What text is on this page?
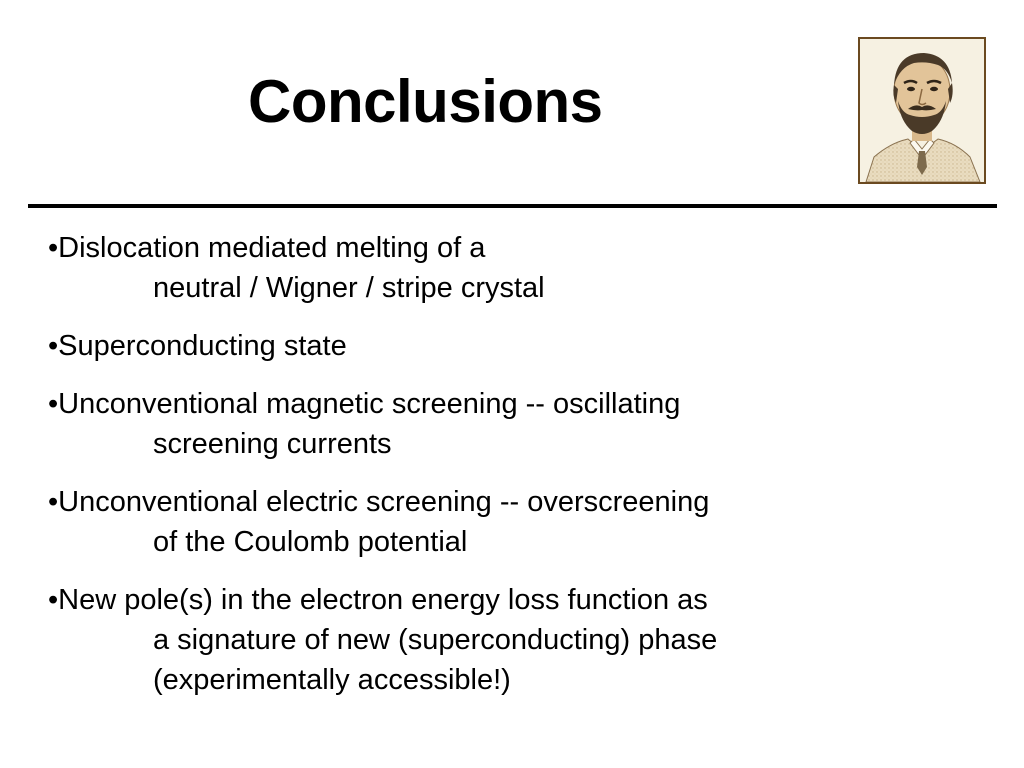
Conclusions
•Dislocation mediated melting of a
neutral / Wigner / stripe crystal
•Superconducting state
•Unconventional magnetic screening -- oscillating
screening currents
•Unconventional electric screening -- overscreening
of the Coulomb potential
•New pole(s) in the electron energy loss function as
a signature of new (superconducting) phase
(experimentally accessible!)
